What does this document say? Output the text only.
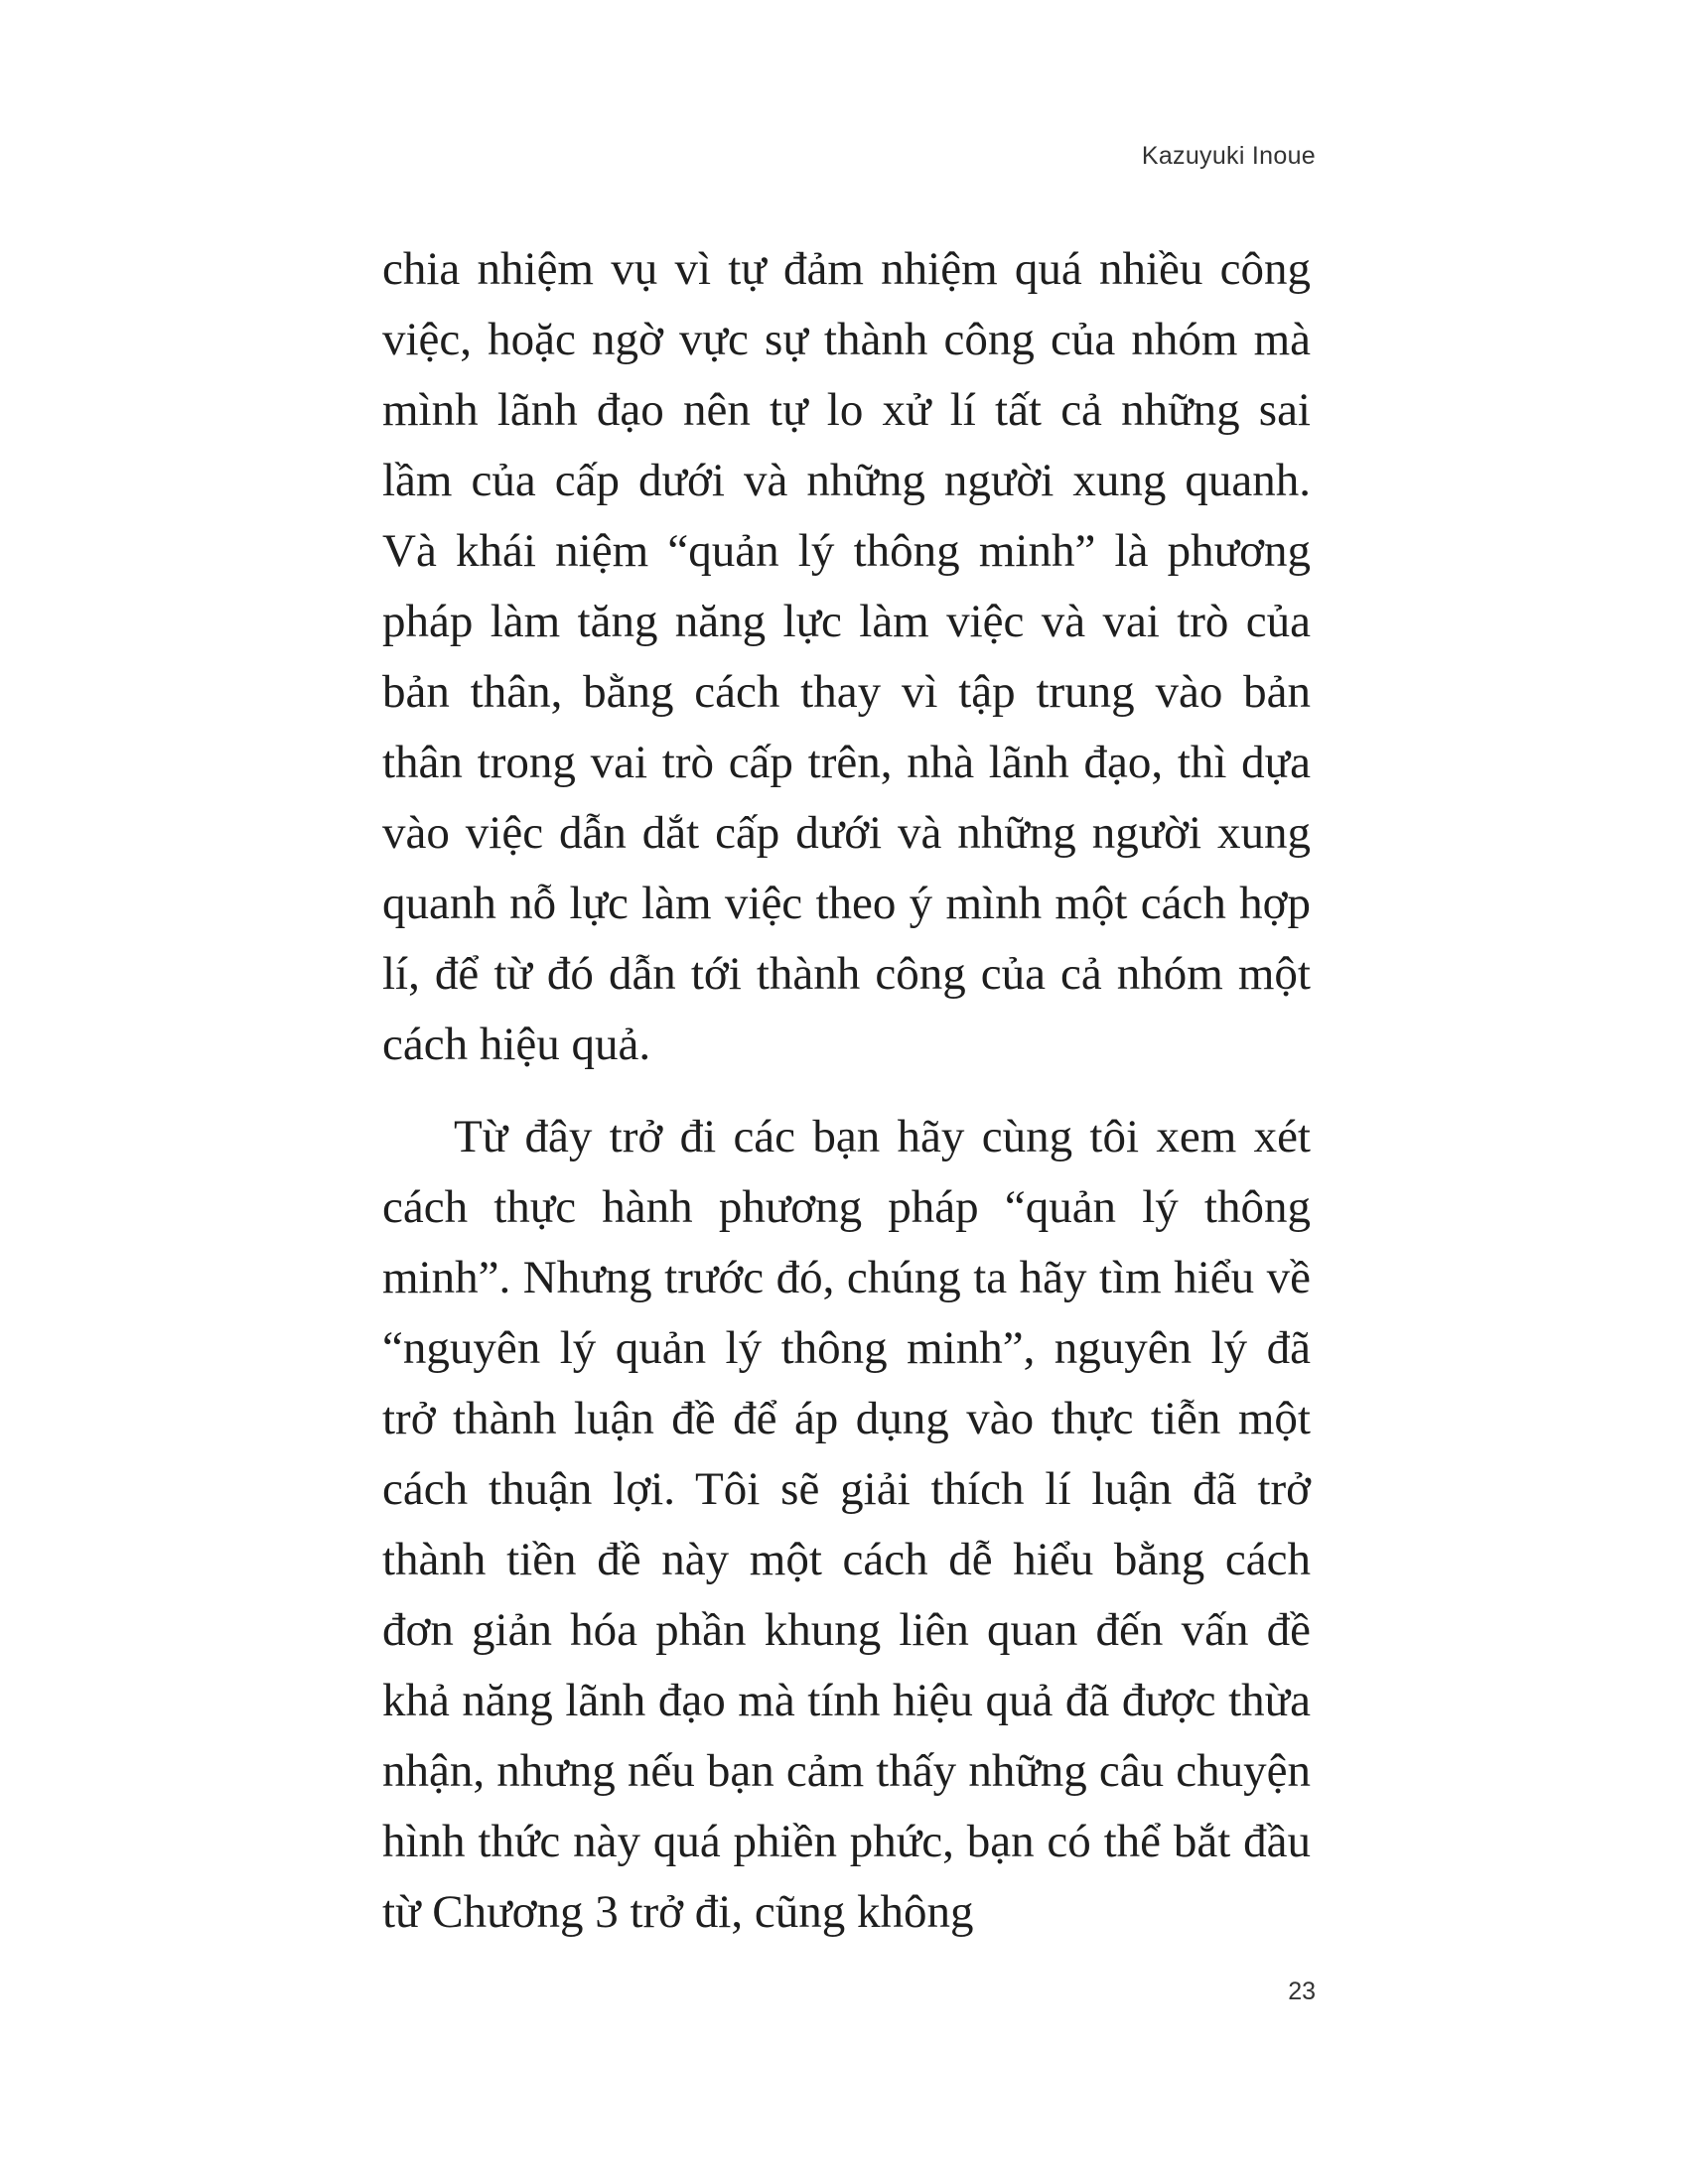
Kazuyuki Inoue

chia nhiệm vụ vì tự đảm nhiệm quá nhiều công việc, hoặc ngờ vực sự thành công của nhóm mà mình lãnh đạo nên tự lo xử lí tất cả những sai lầm của cấp dưới và những người xung quanh. Và khái niệm “quản lý thông minh” là phương pháp làm tăng năng lực làm việc và vai trò của bản thân, bằng cách thay vì tập trung vào bản thân trong vai trò cấp trên, nhà lãnh đạo, thì dựa vào việc dẫn dắt cấp dưới và những người xung quanh nỗ lực làm việc theo ý mình một cách hợp lí, để từ đó dẫn tới thành công của cả nhóm một cách hiệu quả.

Từ đây trở đi các bạn hãy cùng tôi xem xét cách thực hành phương pháp “quản lý thông minh”. Nhưng trước đó, chúng ta hãy tìm hiểu về “nguyên lý quản lý thông minh”, nguyên lý đã trở thành luận đề để áp dụng vào thực tiễn một cách thuận lợi. Tôi sẽ giải thích lí luận đã trở thành tiền đề này một cách dễ hiểu bằng cách đơn giản hóa phần khung liên quan đến vấn đề khả năng lãnh đạo mà tính hiệu quả đã được thừa nhận, nhưng nếu bạn cảm thấy những câu chuyện hình thức này quá phiền phức, bạn có thể bắt đầu từ Chương 3 trở đi, cũng không

23
